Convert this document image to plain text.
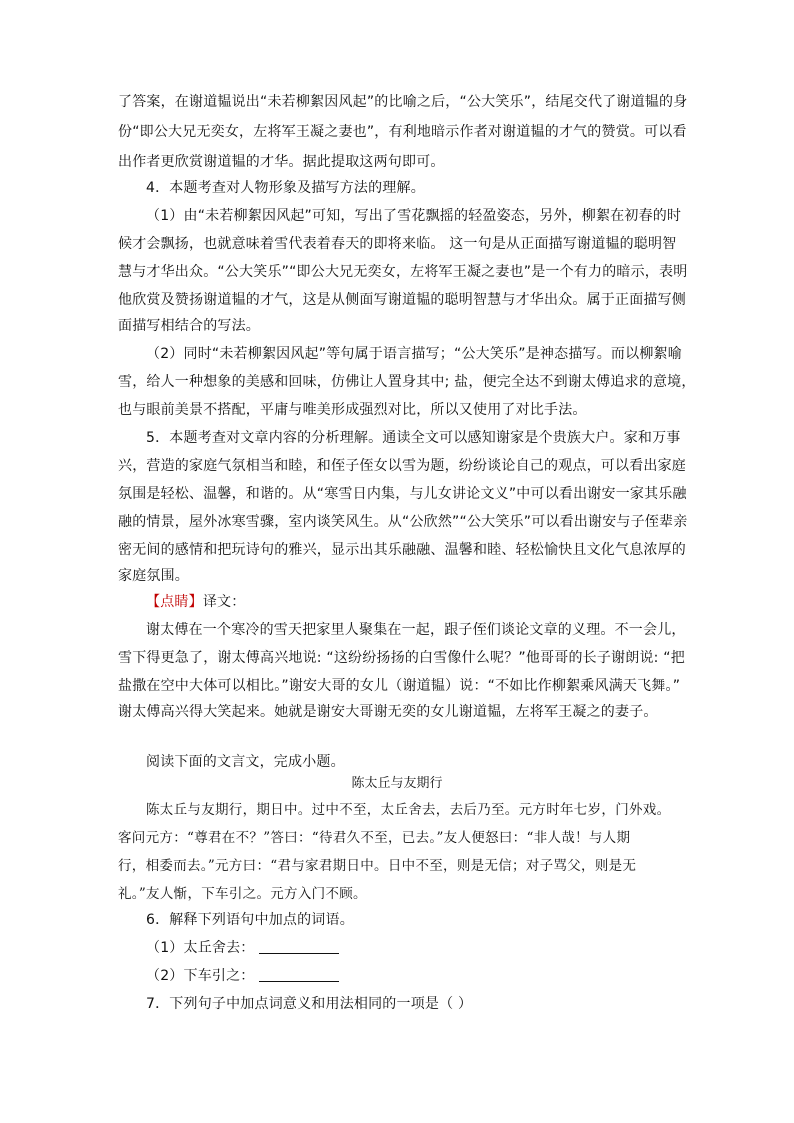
了答案，在谢道韫说出“未若柳絮因风起”的比喻之后，“公大笑乐”，结尾交代了谢道韫的身
份“即公大兄无奕女，左将军王凝之妻也”，有利地暗示作者对谢道韫的才气的赞赏。可以看
出作者更欣赏谢道韫的才华。据此提取这两句即可。
4．本题考查对人物形象及描写方法的理解。
（1）由“未若柳絮因风起”可知，写出了雪花飘摇的轻盈姿态，另外，柳絮在初春的时
候才会飘扬，也就意味着雪代表着春天的即将来临。 这一句是从正面描写谢道韫的聪明智
慧与才华出众。“公大笑乐”“即公大兄无奕女，左将军王凝之妻也”是一个有力的暗示，表明
他欣赏及赞扬谢道韫的才气，这是从侧面写谢道韫的聪明智慧与才华出众。属于正面描写侧
面描写相结合的写法。
（2）同时“未若柳絮因风起”等句属于语言描写；“公大笑乐”是神态描写。而以柳絮喻
雪，给人一种想象的美感和回味，仿佛让人置身其中; 盐，便完全达不到谢太傅追求的意境，
也与眼前美景不搭配，平庸与唯美形成强烈对比，所以又使用了对比手法。
5．本题考查对文章内容的分析理解。通读全文可以感知谢家是个贵族大户。家和万事
兴，营造的家庭气氛相当和睦，和侄子侄女以雪为题，纷纷谈论自己的观点，可以看出家庭
氛围是轻松、温馨，和谐的。从“寒雪日内集，与儿女讲论文义”中可以看出谢安一家其乐融
融的情景，屋外冰寒雪骤，室内谈笑风生。从“公欣然”“公大笑乐”可以看出谢安与子侄辈亲
密无间的感情和把玩诗句的雅兴，显示出其乐融融、温馨和睦、轻松愉快且文化气息浓厚的
家庭氛围。
【点睛】译文：
谢太傅在一个寒冷的雪天把家里人聚集在一起，跟子侄们谈论文章的义理。不一会儿，
雪下得更急了，谢太傅高兴地说: “这纷纷扬扬的白雪像什么呢？”他哥哥的长子谢朗说: “把
盐撒在空中大体可以相比。”谢安大哥的女儿（谢道韫）说：“不如比作柳絮乘风满天飞舞。”
谢太傅高兴得大笑起来。她就是谢安大哥谢无奕的女儿谢道韫，左将军王凝之的妻子。
阅读下面的文言文，完成小题。
陈太丘与友期行
陈太丘与友期行，期日中。过中不至，太丘舍去，去后乃至。元方时年七岁，门外戏。
客问元方：“尊君在不？”答曰：“待君久不至，已去。”友人便怒曰：“非人哉！与人期
行，相委而去。”元方曰：“君与家君期日中。日中不至，则是无信；对子骂父，则是无
礼。”友人惭，下车引之。元方入门不顾。
6．解释下列语句中加点的词语。
（1）太丘舍去：
（2）下车引之：
7．下列句子中加点词意义和用法相同的一项是（ ）
